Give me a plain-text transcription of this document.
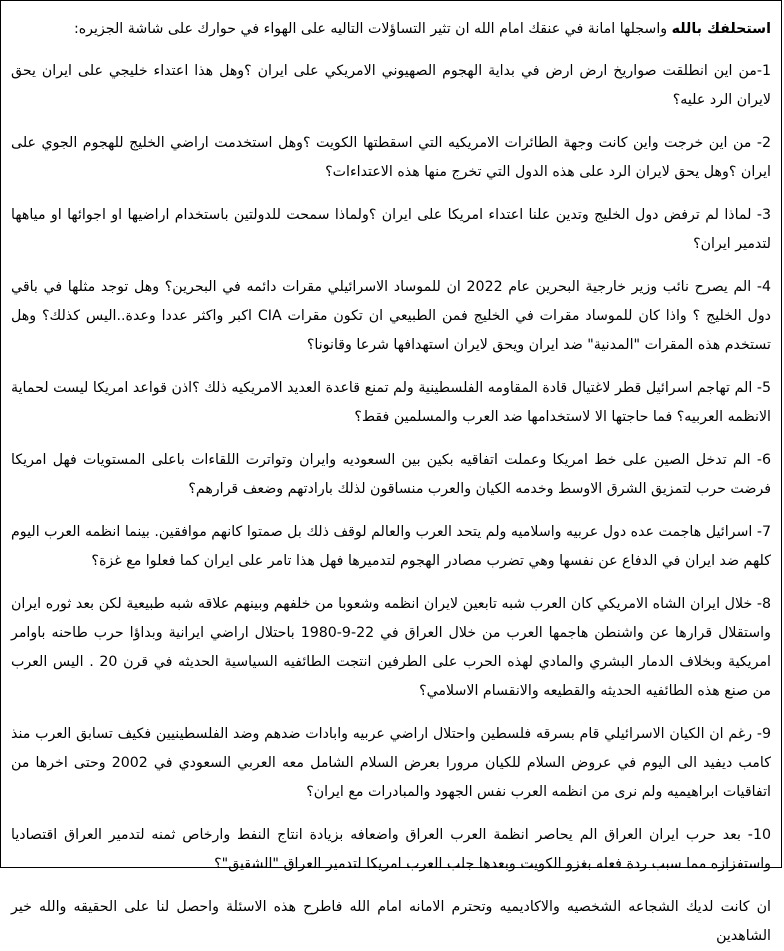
استحلفك بالله واسجلها امانة في عنقك امام الله ان تثير التساؤلات التاليه على الهواء في حوارك على شاشة الجزيره:

1-من اين انطلقت صواريخ ارض ارض في بداية الهجوم الصهيوني الامريكي على ايران ؟وهل هذا اعتداء خليجي على ايران يحق لايران الرد عليه؟

2- من اين خرجت واين كانت وجهة الطائرات الامريكيه التي اسقطتها الكويت ؟وهل استخدمت اراضي الخليج للهجوم الجوي على ايران ؟وهل يحق لايران الرد على هذه الدول التي تخرج منها هذه الاعتداءات؟

3- لماذا لم ترفض دول الخليج وتدين علنا اعتداء امريكا على ايران ؟ولماذا سمحت للدولتين باستخدام اراضيها او اجوائها او مياهها لتدمير ايران؟

4- الم يصرح نائب وزير خارجية البحرين عام 2022 ان للموساد الاسرائيلي مقرات دائمه في البحرين؟ وهل توجد مثلها في باقي دول الخليج ؟ واذا كان للموساد مقرات في الخليج فمن الطبيعي ان تكون مقرات CIA اكبر واكثر عددا وعدة..اليس كذلك؟ وهل تستخدم هذه المقرات "المدنية" ضد ايران ويحق لايران استهدافها شرعا وقانونا؟

5- الم تهاجم اسرائيل قطر لاغتيال قادة المقاومه الفلسطينية ولم تمنع قاعدة العديد الامريكيه ذلك ؟اذن قواعد امريكا ليست لحماية الانظمه العربيه؟ فما حاجتها الا لاستخدامها ضد العرب والمسلمين فقط؟

6- الم تدخل الصين على خط امريكا وعملت اتفاقيه بكين بين السعوديه وايران وتواترت اللقاءات باعلى المستويات فهل امريكا فرضت حرب لتمزيق الشرق الاوسط وخدمه الكيان والعرب منساقون لذلك بارادتهم وضعف قرارهم؟

7- اسرائيل هاجمت عده دول عربيه واسلاميه ولم يتحد العرب والعالم لوقف ذلك بل صمتوا كانهم موافقين. بينما انظمه العرب اليوم كلهم ضد ايران في الدفاع عن نفسها وهي تضرب مصادر الهجوم لتدميرها فهل هذا تامر على ايران كما فعلوا مع غزة؟

8- خلال ايران الشاه الامريكي كان العرب شبه تابعين لايران انظمه وشعوبا من خلفهم وبينهم علاقه شبه طبيعية لكن بعد ثوره ايران واستقلال قرارها عن واشنطن هاجمها العرب من خلال العراق في 22-9-1980 باحتلال اراضي ايرانية وبداؤا حرب طاحنه باوامر امريكية وبخلاف الدمار البشري والمادي لهذه الحرب على الطرفين انتجت الطائفيه السياسية الحديثه في قرن 20 . اليس العرب من صنع هذه الطائفيه الحديثه والقطيعه والانقسام الاسلامي؟

9- رغم ان الكيان الاسرائيلي قام بسرقه فلسطين واحتلال اراضي عربيه وابادات ضدهم وضد الفلسطينيين فكيف تسابق العرب منذ كامب ديفيد الى اليوم في عروض السلام للكيان مرورا بعرض السلام الشامل معه العربي السعودي في 2002 وحتى اخرها من اتفاقيات ابراهيميه ولم نرى من انظمه العرب نفس الجهود والمبادرات مع ايران؟

10- بعد حرب ايران العراق الم يحاصر انظمة العرب العراق واضعافه بزيادة انتاج النفط وارخاص ثمنه لتدمير العراق اقتصاديا واستفزازه مما سبب ردة فعله بغزو الكويت وبعدها جلب العرب امريكا لتدمير العراق "الشقيق"؟

ان كانت لديك الشجاعه الشخصيه والاكاديميه وتحترم الامانه امام الله فاطرح هذه الاسئلة واحصل لنا على الحقيقه والله خير الشاهدين
